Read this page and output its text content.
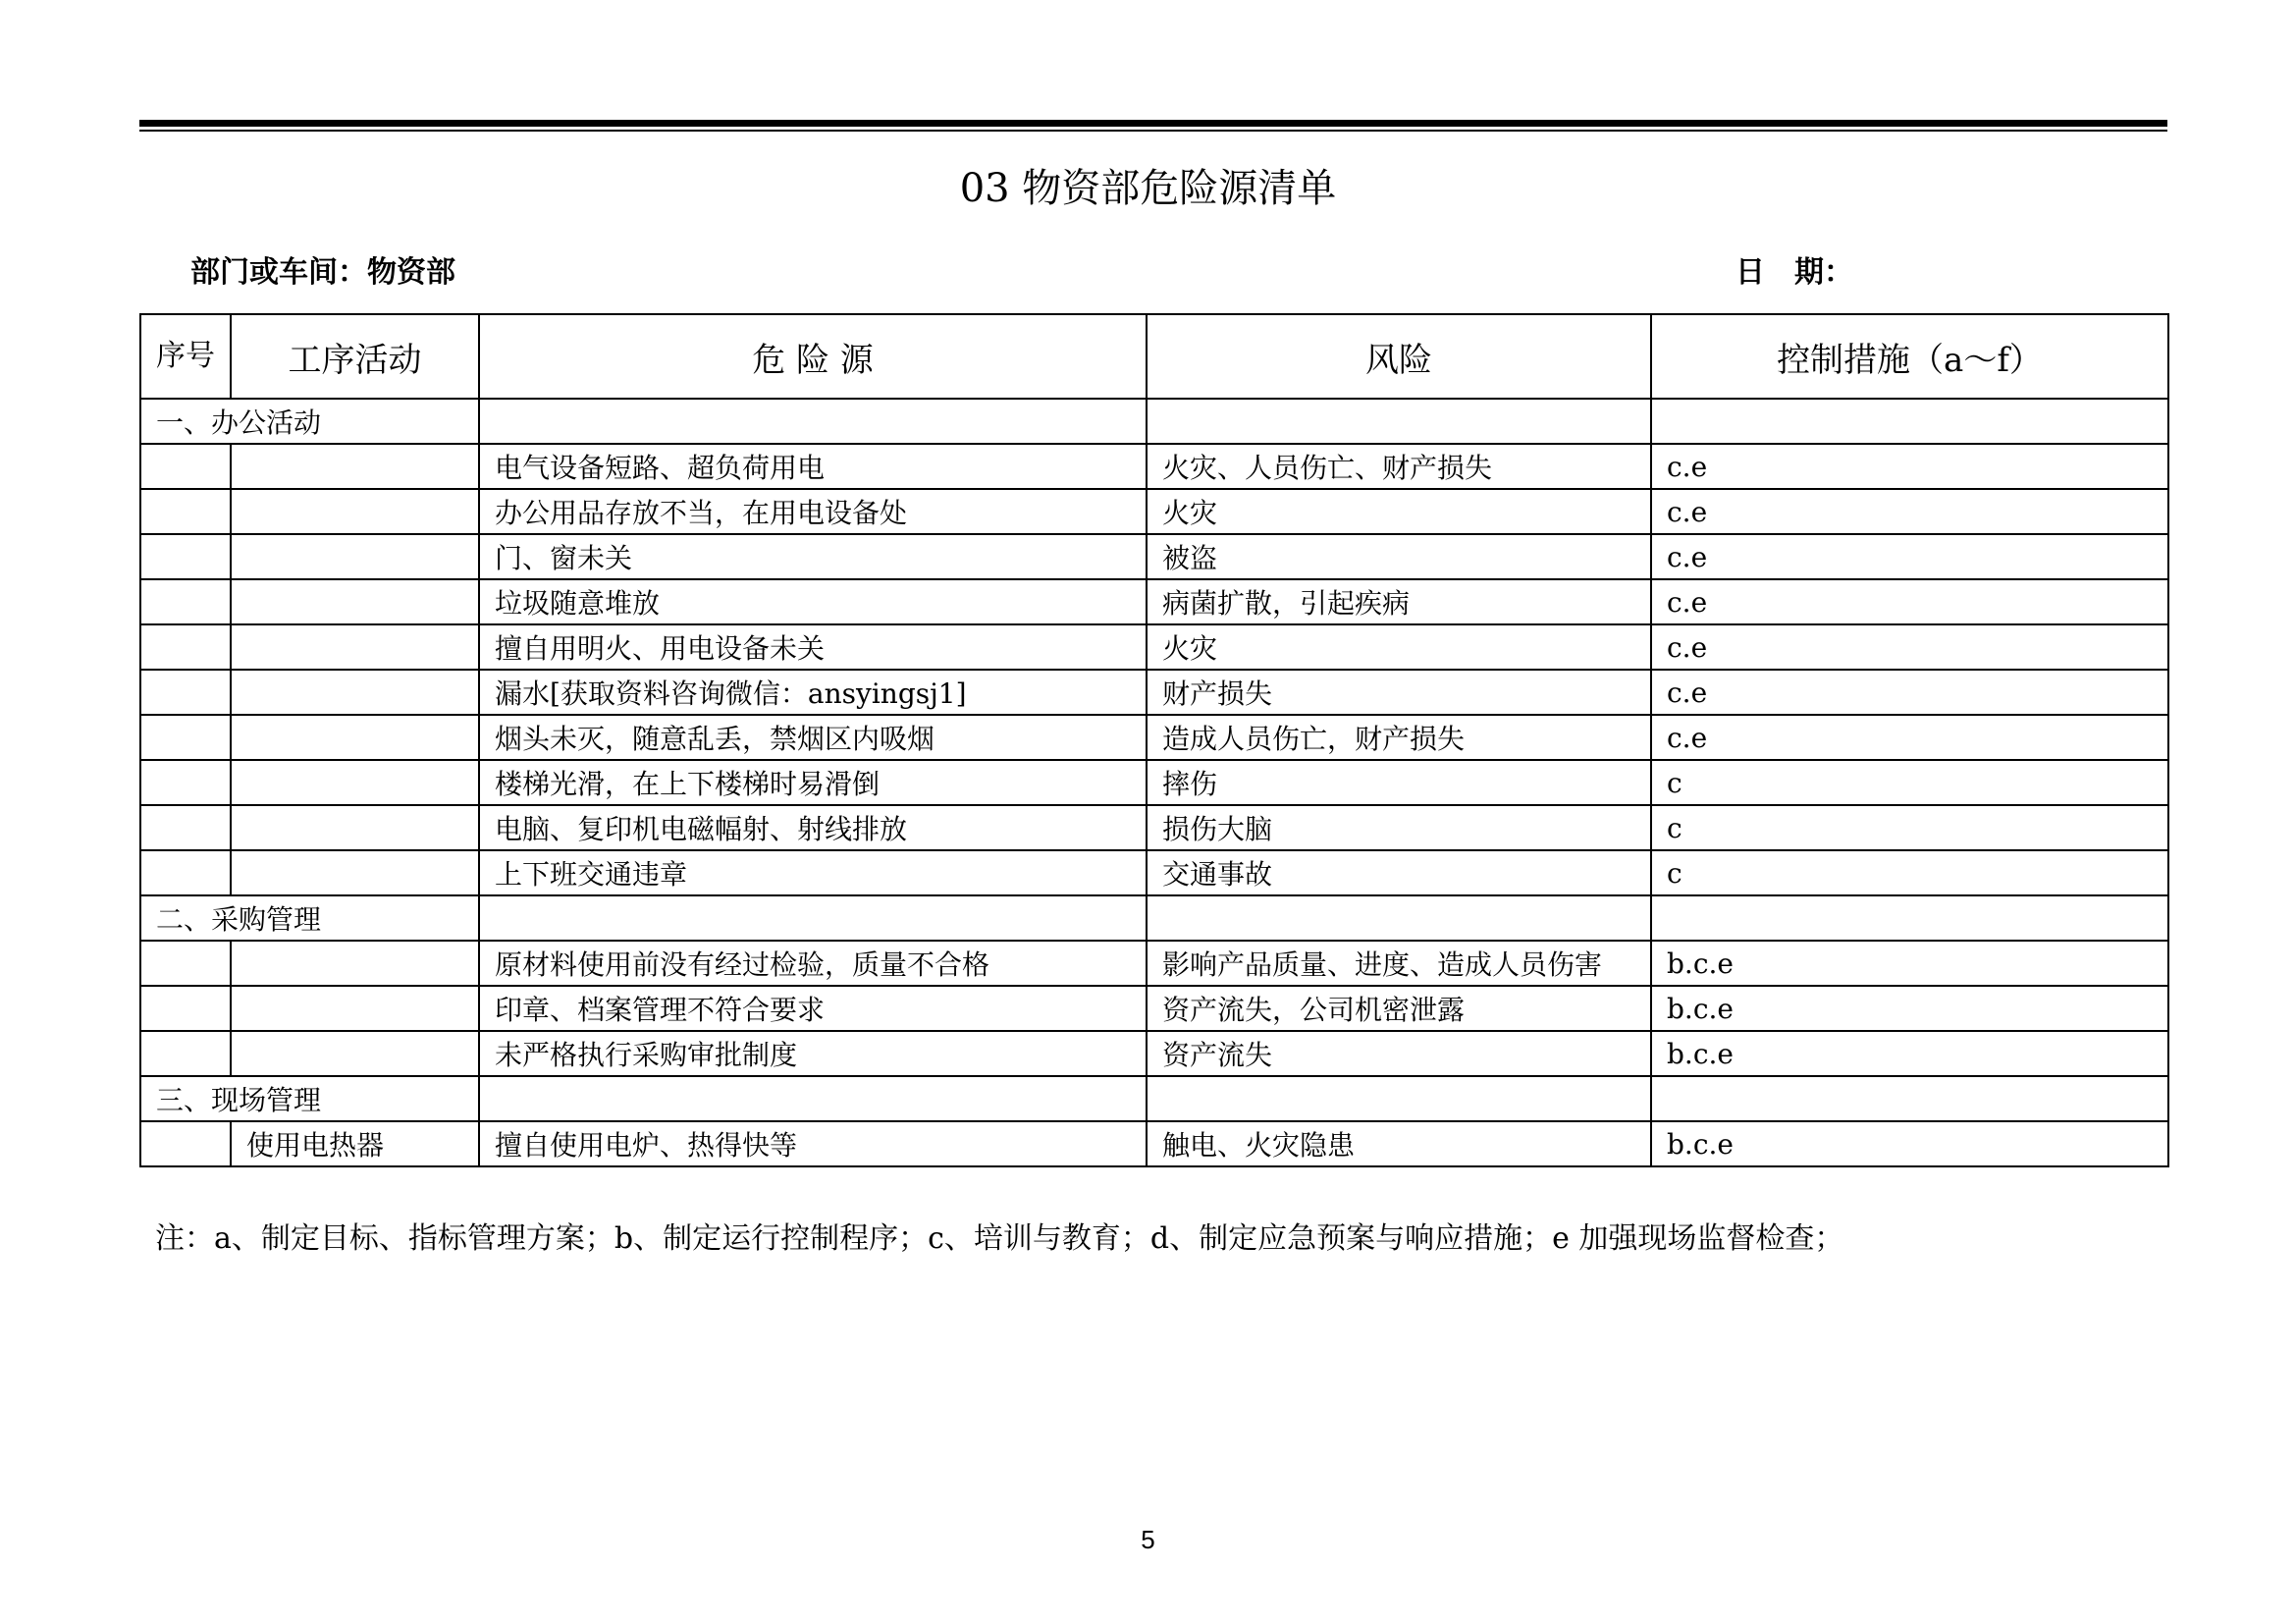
03 物资部危险源清单
部门或车间：物资部	日　期：
序号	工序活动	危 险 源	风险	控制措施（a～f）
一、办公活动				
		电气设备短路、超负荷用电	火灾、人员伤亡、财产损失	c.e
		办公用品存放不当，在用电设备处	火灾	c.e
		门、窗未关	被盗	c.e
		垃圾随意堆放	病菌扩散，引起疾病	c.e
		擅自用明火、用电设备未关	火灾	c.e
		漏水[获取资料咨询微信：ansyingsj1]	财产损失	c.e
		烟头未灭，随意乱丢，禁烟区内吸烟	造成人员伤亡，财产损失	c.e
		楼梯光滑，在上下楼梯时易滑倒	摔伤	c
		电脑、复印机电磁幅射、射线排放	损伤大脑	c
		上下班交通违章	交通事故	c
二、采购管理				
		原材料使用前没有经过检验，质量不合格	影响产品质量、进度、造成人员伤害	b.c.e
		印章、档案管理不符合要求	资产流失，公司机密泄露	b.c.e
		未严格执行采购审批制度	资产流失	b.c.e
三、现场管理				
	使用电热器	擅自使用电炉、热得快等	触电、火灾隐患	b.c.e
注：a、制定目标、指标管理方案；b、制定运行控制程序；c、培训与教育；d、制定应急预案与响应措施；e 加强现场监督检查；
5
